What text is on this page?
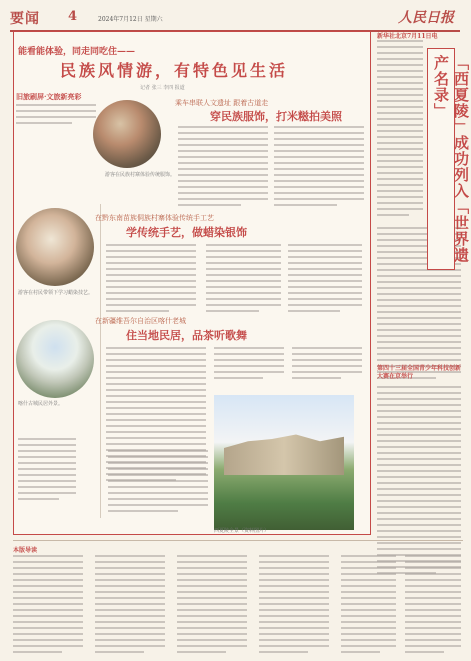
要闻 4	2024年7月12日 星期六	人民日报
能看能体验，同走同吃住——
民族风情游，有特色见生活
记者 张三 李四 报道
旧旅刷屏·文旅新亮彩
游客在民族村寨体验传统服饰。
乘车串联人文遗址 跟着古道走
穿民族服饰，打米糍拍美照
在黔东南苗族侗族村寨体验传统手工艺
学传统手艺，做蜡染银饰
游客在村民带领下学习蜡染技艺。
在新疆维吾尔自治区喀什老城
住当地民居，品茶听歌舞
喀什古城民居外景。
西夏陵全景（资料图片）
新华社北京7月11日电
第四十三届全国青少年科技创新大赛在京举行
「西夏陵」成功列入「世界遗产名录」
本版导读
